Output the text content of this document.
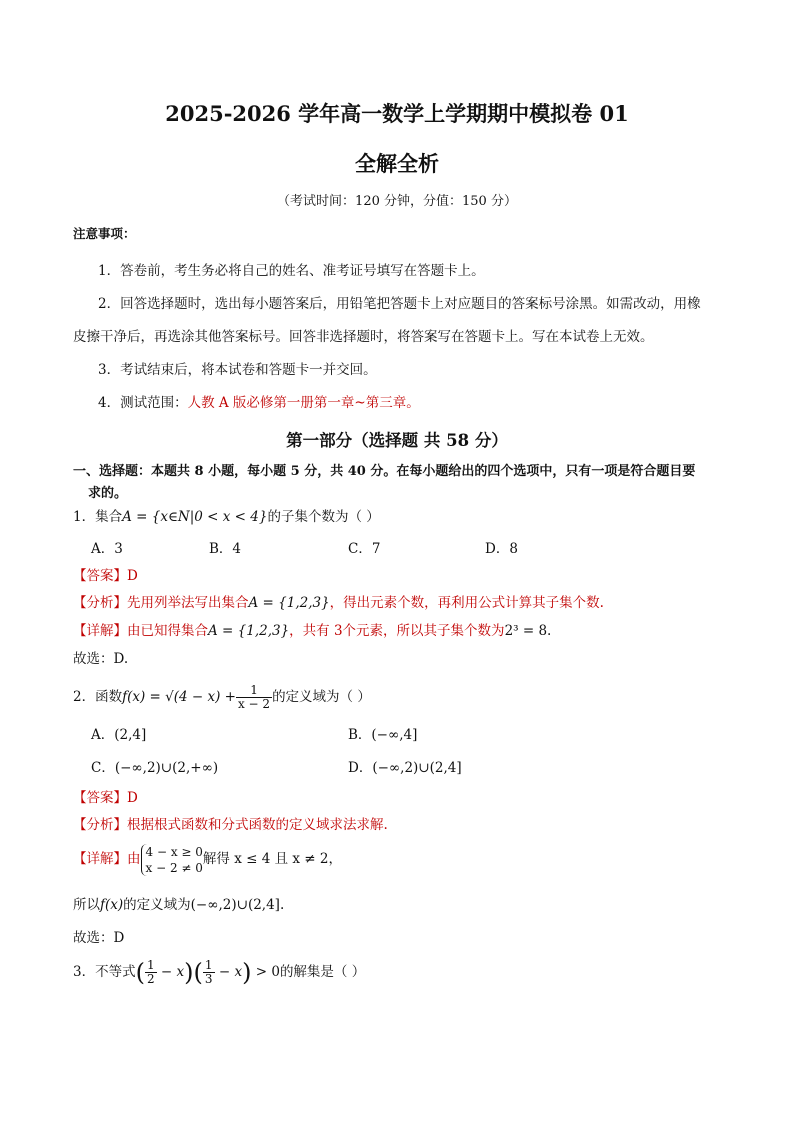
2025-2026 学年高一数学上学期期中模拟卷 01
全解全析
（考试时间：120 分钟，分值：150 分）
注意事项：
1．答卷前，考生务必将自己的姓名、准考证号填写在答题卡上。
2．回答选择题时，选出每小题答案后，用铅笔把答题卡上对应题目的答案标号涂黑。如需改动，用橡
皮擦干净后，再选涂其他答案标号。回答非选择题时，将答案写在答题卡上。写在本试卷上无效。
3．考试结束后，将本试卷和答题卡一并交回。
4．测试范围：人教 A 版必修第一册第一章~第三章。
第一部分（选择题 共 58 分）
一、选择题：本题共 8 小题，每小题 5 分，共 40 分。在每小题给出的四个选项中，只有一项是符合题目要
求的。
1．集合A = {x∈N|0 < x < 4}的子集个数为（ ）
A．3	B．4	C．7	D．8
【答案】D
【分析】先用列举法写出集合A = {1,2,3}，得出元素个数，再利用公式计算其子集个数.
【详解】由已知得集合A = {1,2,3}，共有 3个元素，所以其子集个数为2³ = 8.
故选：D.
2．函数$f(x) = √(4 - x) + \frac{1}{x - 2}$ 的定义域为（ ）
A．(2,4]	B．(−∞,4]
C．(−∞,2)∪(2,+∞)	D．(−∞,2)∪(2,4]
【答案】D
【分析】根据根式函数和分式函数的定义域求法求解.
【详解】由 4 − x ≥ 0
x − 2 ≠ 0
解得 x ≤ 4 且 x ≠ 2，
所以f(x)的定义域为(−∞,2)∪(2,4].
故选：D
3．不等式( $\frac{1}{2} - x)( \frac{1}{3} - x) > 0$的解集是（ ）
